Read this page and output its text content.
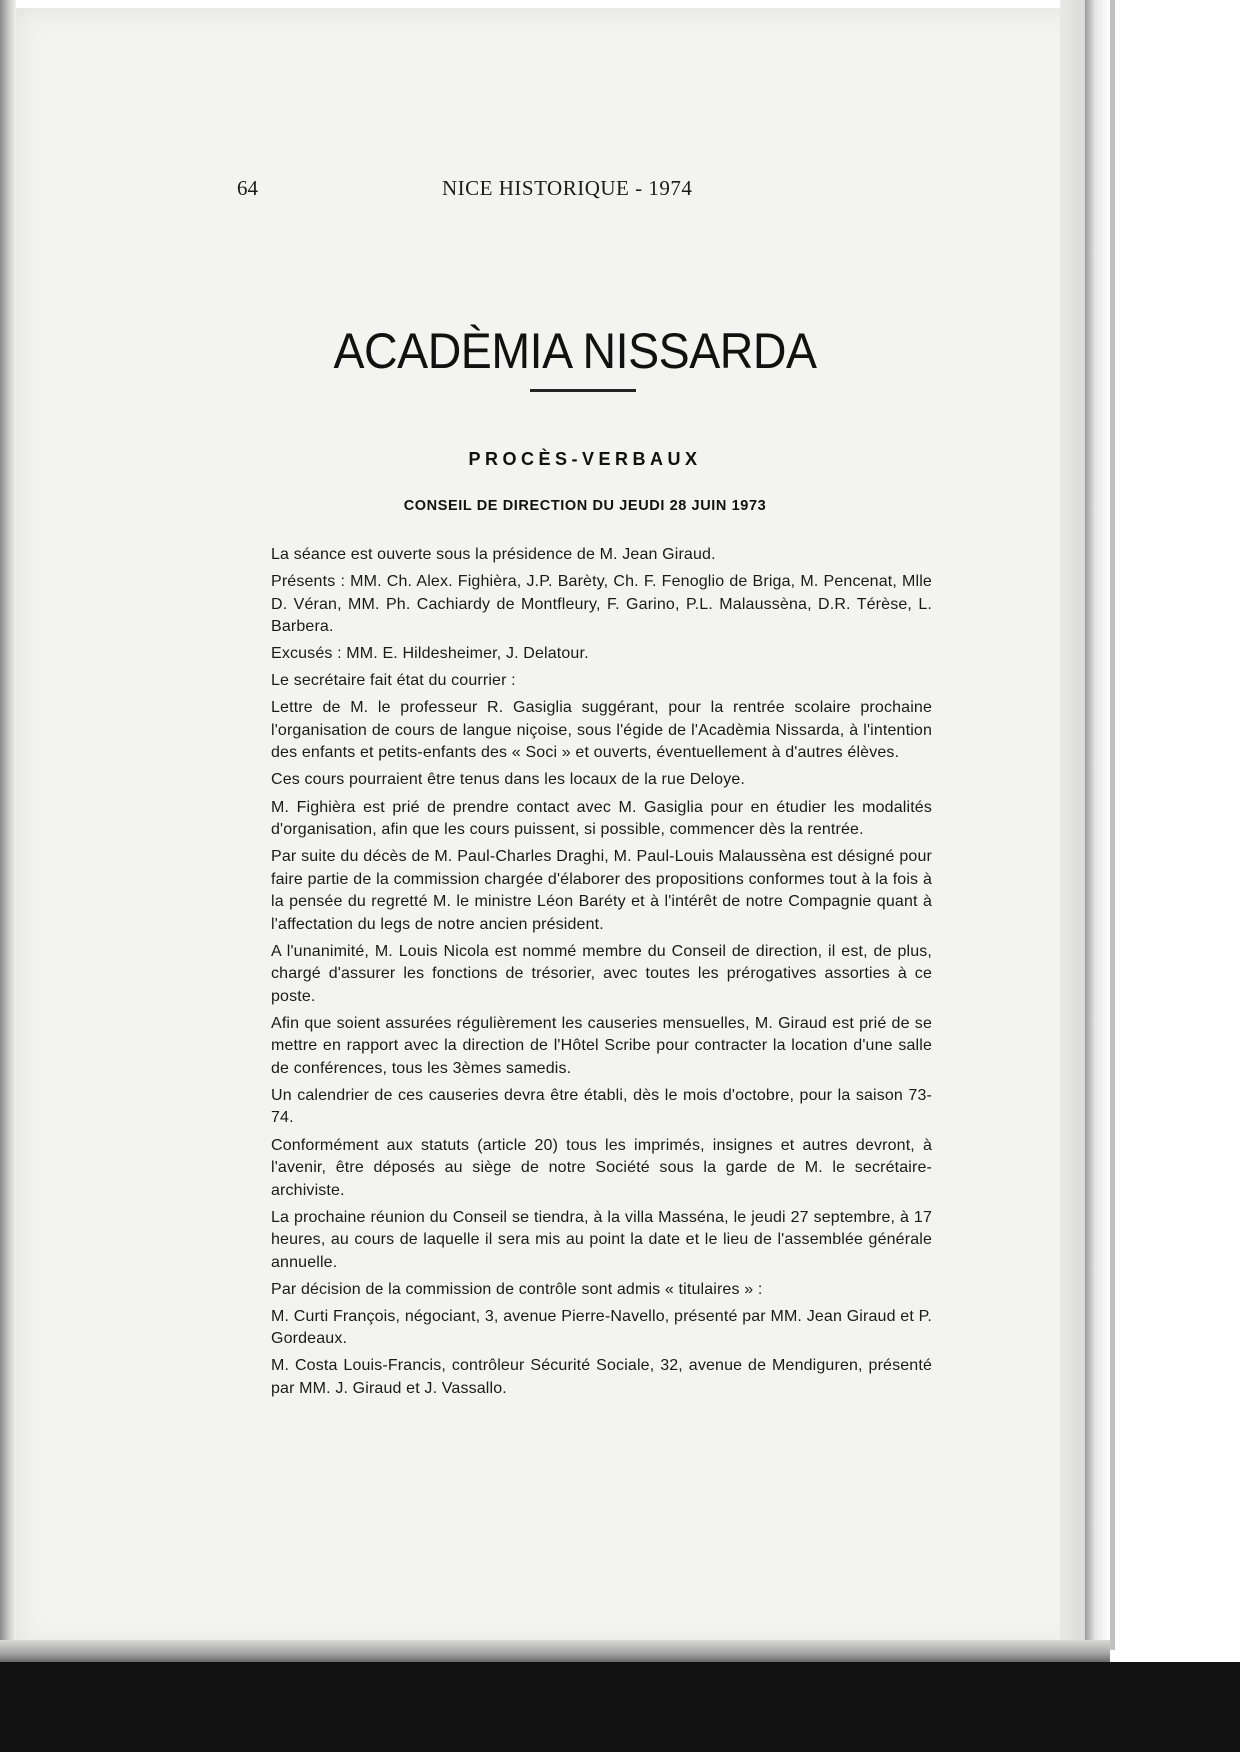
64	NICE HISTORIQUE - 1974
ACADÈMIA NISSARDA
PROCÈS-VERBAUX
CONSEIL DE DIRECTION DU JEUDI 28 JUIN 1973

La séance est ouverte sous la présidence de M. Jean Giraud.

Présents : MM. Ch. Alex. Fighièra, J.P. Barèty, Ch. F. Fenoglio de Briga, M. Pencenat, Mlle D. Véran, MM. Ph. Cachiardy de Montfleury, F. Garino, P.L. Malaussèna, D.R. Térèse, L. Barbera.

Excusés : MM. E. Hildesheimer, J. Delatour.

Le secrétaire fait état du courrier :

Lettre de M. le professeur R. Gasiglia suggérant, pour la rentrée scolaire prochaine l'organisation de cours de langue niçoise, sous l'égide de l'Acadèmia Nissarda, à l'intention des enfants et petits-enfants des « Soci » et ouverts, éventuellement à d'autres élèves.

Ces cours pourraient être tenus dans les locaux de la rue Deloye.

M. Fighièra est prié de prendre contact avec M. Gasiglia pour en étudier les modalités d'organisation, afin que les cours puissent, si possible, commencer dès la rentrée.

Par suite du décès de M. Paul-Charles Draghi, M. Paul-Louis Malaussèna est désigné pour faire partie de la commission chargée d'élaborer des propositions conformes tout à la fois à la pensée du regretté M. le ministre Léon Baréty et à l'intérêt de notre Compagnie quant à l'affectation du legs de notre ancien président.

A l'unanimité, M. Louis Nicola est nommé membre du Conseil de direction, il est, de plus, chargé d'assurer les fonctions de trésorier, avec toutes les prérogatives assorties à ce poste.

Afin que soient assurées régulièrement les causeries mensuelles, M. Giraud est prié de se mettre en rapport avec la direction de l'Hôtel Scribe pour contracter la location d'une salle de conférences, tous les 3èmes samedis.

Un calendrier de ces causeries devra être établi, dès le mois d'octobre, pour la saison 73-74.

Conformément aux statuts (article 20) tous les imprimés, insignes et autres devront, à l'avenir, être déposés au siège de notre Société sous la garde de M. le secrétaire-archiviste.

La prochaine réunion du Conseil se tiendra, à la villa Masséna, le jeudi 27 septembre, à 17 heures, au cours de laquelle il sera mis au point la date et le lieu de l'assemblée générale annuelle.

Par décision de la commission de contrôle sont admis « titulaires » :

M. Curti François, négociant, 3, avenue Pierre-Navello, présenté par MM. Jean Giraud et P. Gordeaux.

M. Costa Louis-Francis, contrôleur Sécurité Sociale, 32, avenue de Mendiguren, présenté par MM. J. Giraud et J. Vassallo.
